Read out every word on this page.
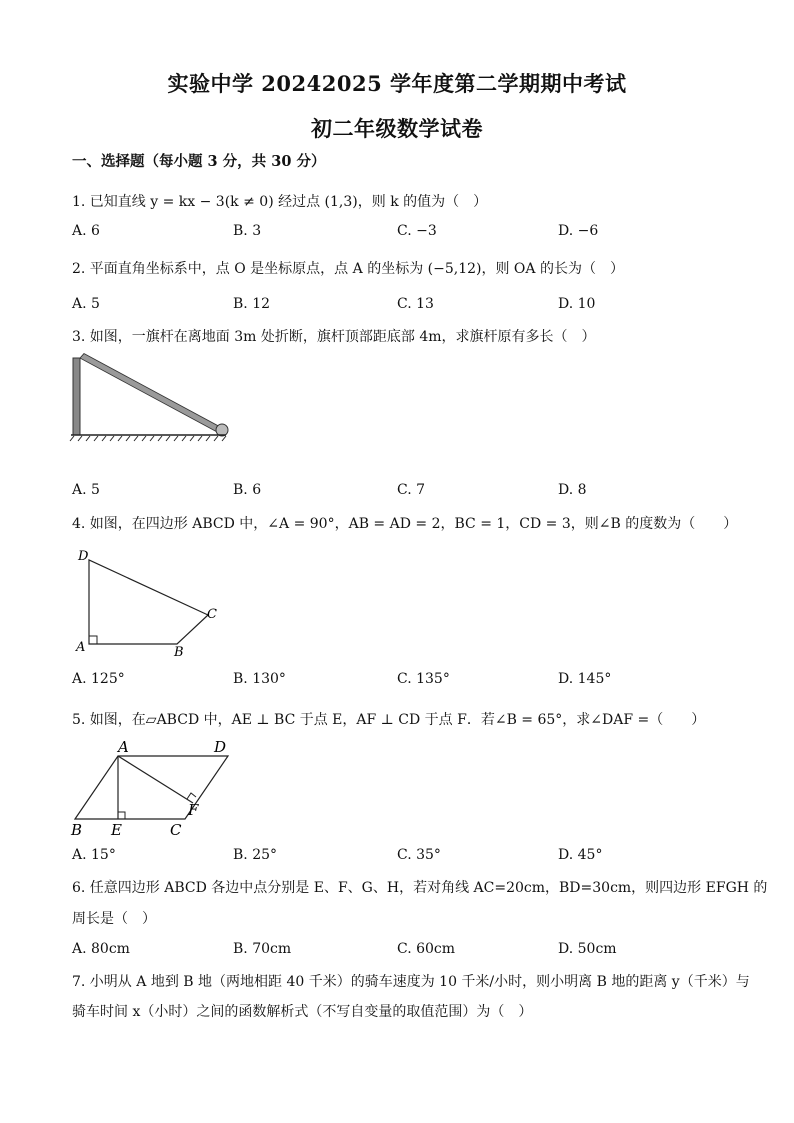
实验中学 20242025 学年度第二学期期中考试
初二年级数学试卷
一、选择题（每小题 3 分，共 30 分）
1. 已知直线 y = kx − 3(k ≠ 0) 经过点 (1,3)，则 k 的值为（　）
A. 6	B. 3	C. −3	D. −6
2. 平面直角坐标系中，点 O 是坐标原点，点 A 的坐标为 (−5,12)，则 OA 的长为（　）
A. 5	B. 12	C. 13	D. 10
3. 如图，一旗杆在离地面 3m 处折断，旗杆顶部距底部 4m，求旗杆原有多长（　）
A. 5	B. 6	C. 7	D. 8
4. 如图，在四边形 ABCD 中，∠A = 90°，AB = AD = 2，BC = 1，CD = 3，则∠B 的度数为（　　）
D
A	B
C
A. 125°	B. 130°	C. 135°	D. 145°
5. 如图，在▱ABCD 中，AE ⊥ BC 于点 E，AF ⊥ CD 于点 F．若∠B = 65°，求∠DAF =（　　）
A	D
B E	C
F
A. 15°	B. 25°	C. 35°	D. 45°
6. 任意四边形 ABCD 各边中点分别是 E、F、G、H，若对角线 AC=20cm，BD=30cm，则四边形 EFGH 的
周长是（　）
A. 80cm	B. 70cm	C. 60cm	D. 50cm
7. 小明从 A 地到 B 地（两地相距 40 千米）的骑车速度为 10 千米/小时，则小明离 B 地的距离 y（千米）与
骑车时间 x（小时）之间的函数解析式（不写自变量的取值范围）为（　）
